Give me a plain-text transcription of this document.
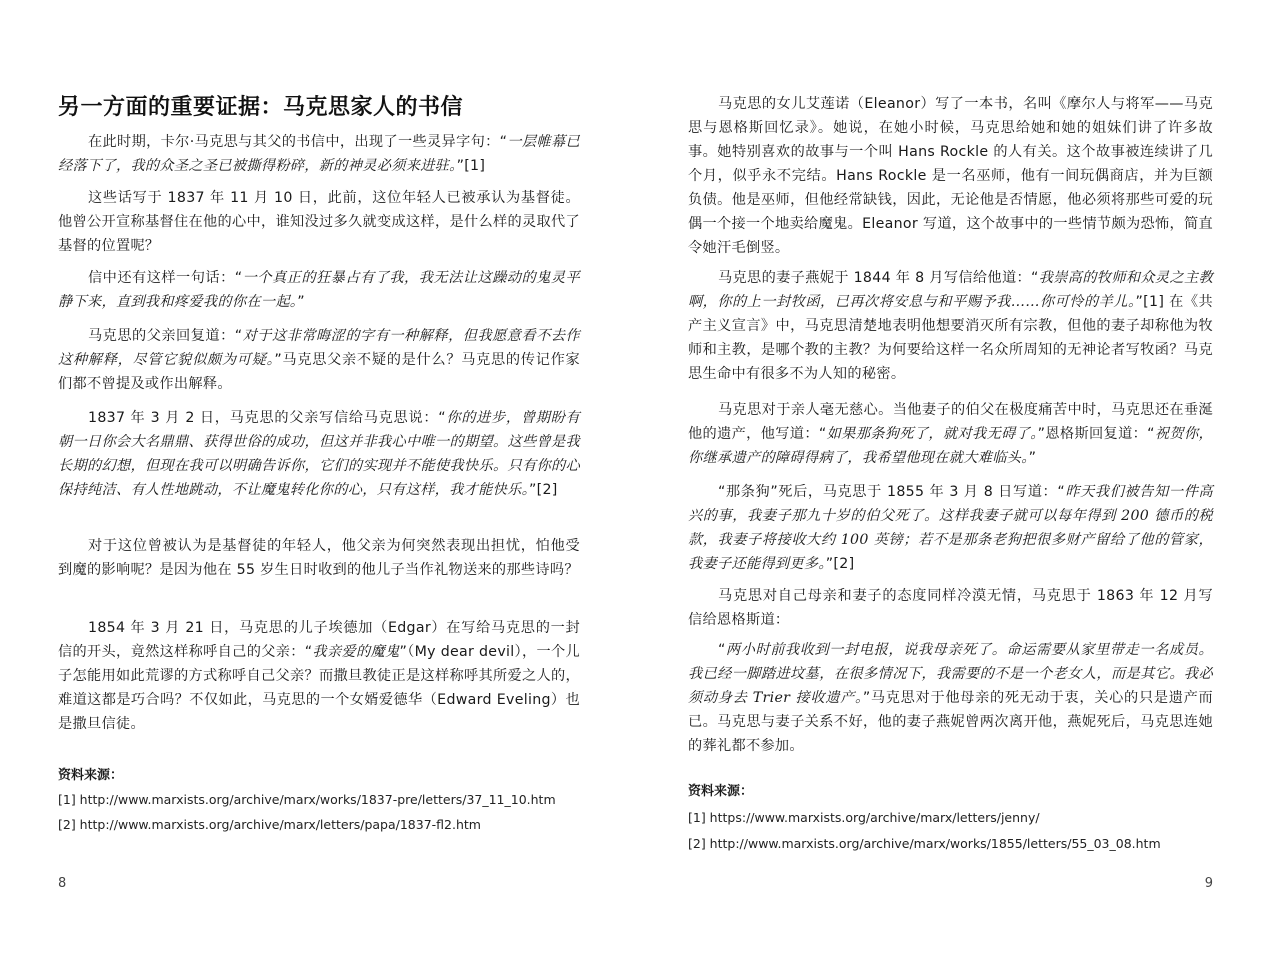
另一方面的重要证据：马克思家人的书信

在此时期，卡尔·马克思与其父的书信中，出现了一些灵异字句：“一层帷幕已经落下了，我的众圣之圣已被撕得粉碎，新的神灵必须来进驻。”[1]

这些话写于 1837 年 11 月 10 日，此前，这位年轻人已被承认为基督徒。他曾公开宣称基督住在他的心中，谁知没过多久就变成这样，是什么样的灵取代了基督的位置呢？

信中还有这样一句话：“一个真正的狂暴占有了我，我无法让这躁动的鬼灵平静下来，直到我和疼爱我的你在一起。”

马克思的父亲回复道：“对于这非常晦涩的字有一种解释，但我愿意看不去作这种解释，尽管它貌似颇为可疑。”马克思父亲不疑的是什么？马克思的传记作家们都不曾提及或作出解释。

1837 年 3 月 2 日，马克思的父亲写信给马克思说：“你的进步，曾期盼有朝一日你会大名鼎鼎、获得世俗的成功，但这并非我心中唯一的期望。这些曾是我长期的幻想，但现在我可以明确告诉你，它们的实现并不能使我快乐。只有你的心保持纯洁、有人性地跳动，不让魔鬼转化你的心，只有这样，我才能快乐。”[2]

对于这位曾被认为是基督徒的年轻人，他父亲为何突然表现出担忧，怕他受到魔的影响呢？是因为他在 55 岁生日时收到的他儿子当作礼物送来的那些诗吗？

1854 年 3 月 21 日，马克思的儿子埃德加（Edgar）在写给马克思的一封信的开头，竟然这样称呼自己的父亲：“我亲爱的魔鬼”（My dear devil），一个儿子怎能用如此荒谬的方式称呼自己父亲？而撒旦教徒正是这样称呼其所爱之人的，难道这都是巧合吗？不仅如此，马克思的一个女婿爱德华（Edward Eveling）也是撒旦信徒。

资料来源：

[1] http://www.marxists.org/archive/marx/works/1837-pre/letters/37_11_10.htm

[2] http://www.marxists.org/archive/marx/letters/papa/1837-fl2.htm

8

马克思的女儿艾莲诺（Eleanor）写了一本书，名叫《摩尔人与将军——马克思与恩格斯回忆录》。她说，在她小时候，马克思给她和她的姐妹们讲了许多故事。她特别喜欢的故事与一个叫 Hans Rockle 的人有关。这个故事被连续讲了几个月，似乎永不完结。Hans Rockle 是一名巫师，他有一间玩偶商店，并为巨额负债。他是巫师，但他经常缺钱，因此，无论他是否情愿，他必须将那些可爱的玩偶一个接一个地卖给魔鬼。Eleanor 写道，这个故事中的一些情节颇为恐怖，简直令她汗毛倒竖。

马克思的妻子燕妮于 1844 年 8 月写信给他道：“我崇高的牧师和众灵之主教啊，你的上一封牧函，已再次将安息与和平赐予我……你可怜的羊儿。”[1] 在《共产主义宣言》中，马克思清楚地表明他想要消灭所有宗教，但他的妻子却称他为牧师和主教，是哪个教的主教？为何要给这样一名众所周知的无神论者写牧函？马克思生命中有很多不为人知的秘密。

马克思对于亲人毫无慈心。当他妻子的伯父在极度痛苦中时，马克思还在垂涎他的遗产，他写道：“如果那条狗死了，就对我无碍了。”恩格斯回复道：“祝贺你，你继承遗产的障碍得病了，我希望他现在就大难临头。”

“那条狗”死后，马克思于 1855 年 3 月 8 日写道：“昨天我们被告知一件高兴的事，我妻子那九十岁的伯父死了。这样我妻子就可以每年得到 200 德币的税款，我妻子将接收大约 100 英镑；若不是那条老狗把很多财产留给了他的管家，我妻子还能得到更多。”[2]

马克思对自己母亲和妻子的态度同样冷漠无情，马克思于 1863 年 12 月写信给恩格斯道：

“两小时前我收到一封电报，说我母亲死了。命运需要从家里带走一名成员。我已经一脚踏进坟墓，在很多情况下，我需要的不是一个老女人，而是其它。我必须动身去 Trier 接收遗产。”马克思对于他母亲的死无动于衷，关心的只是遗产而已。马克思与妻子关系不好，他的妻子燕妮曾两次离开他，燕妮死后，马克思连她的葬礼都不参加。

资料来源：

[1] https://www.marxists.org/archive/marx/letters/jenny/

[2] http://www.marxists.org/archive/marx/works/1855/letters/55_03_08.htm

9
